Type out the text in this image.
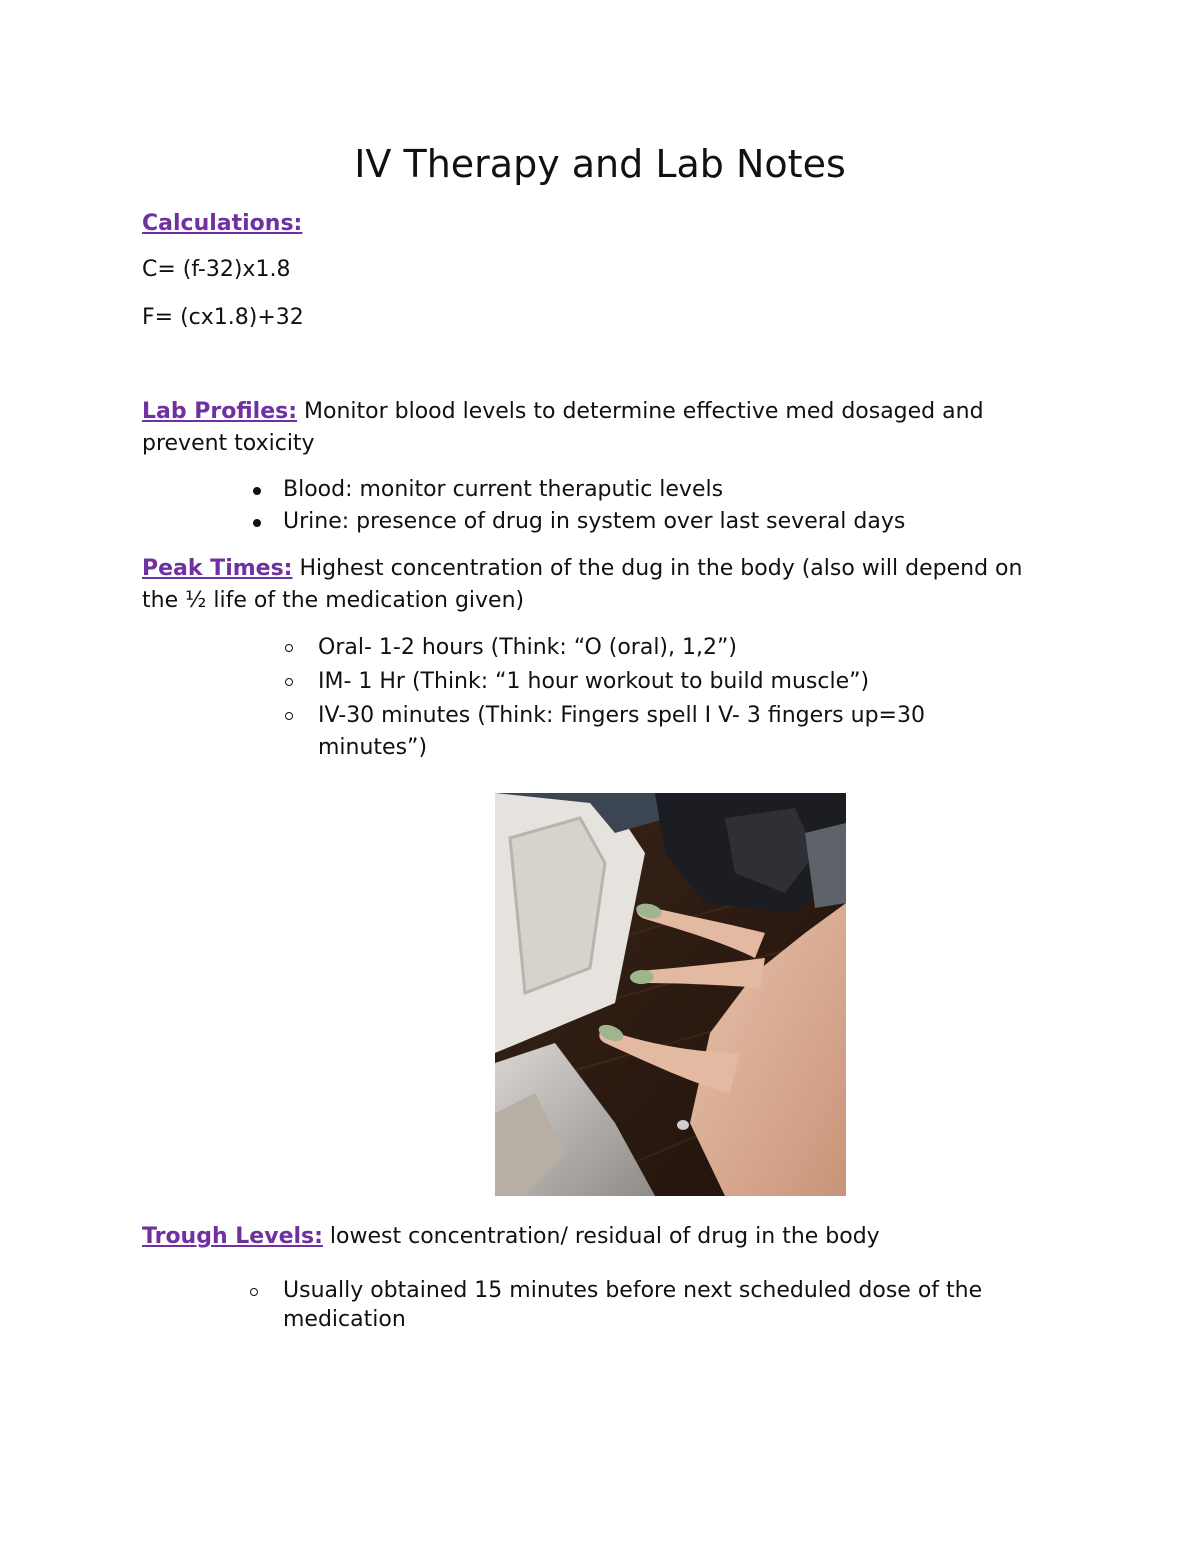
IV Therapy and Lab Notes

Calculations:

C= (f-32)x1.8

F= (cx1.8)+32

Lab Profiles: Monitor blood levels to determine effective med dosaged and prevent toxicity

Blood: monitor current theraputic levels
Urine: presence of drug in system over last several days

Peak Times: Highest concentration of the dug in the body (also will depend on the ½ life of the medication given)

Oral- 1-2 hours (Think: “O (oral), 1,2”)
IM- 1 Hr (Think: “1 hour workout to build muscle”)
IV-30 minutes (Think: Fingers spell I V- 3 fingers up=30 minutes”)

Trough Levels: lowest concentration/ residual of drug in the body

Usually obtained 15 minutes before next scheduled dose of the medication
